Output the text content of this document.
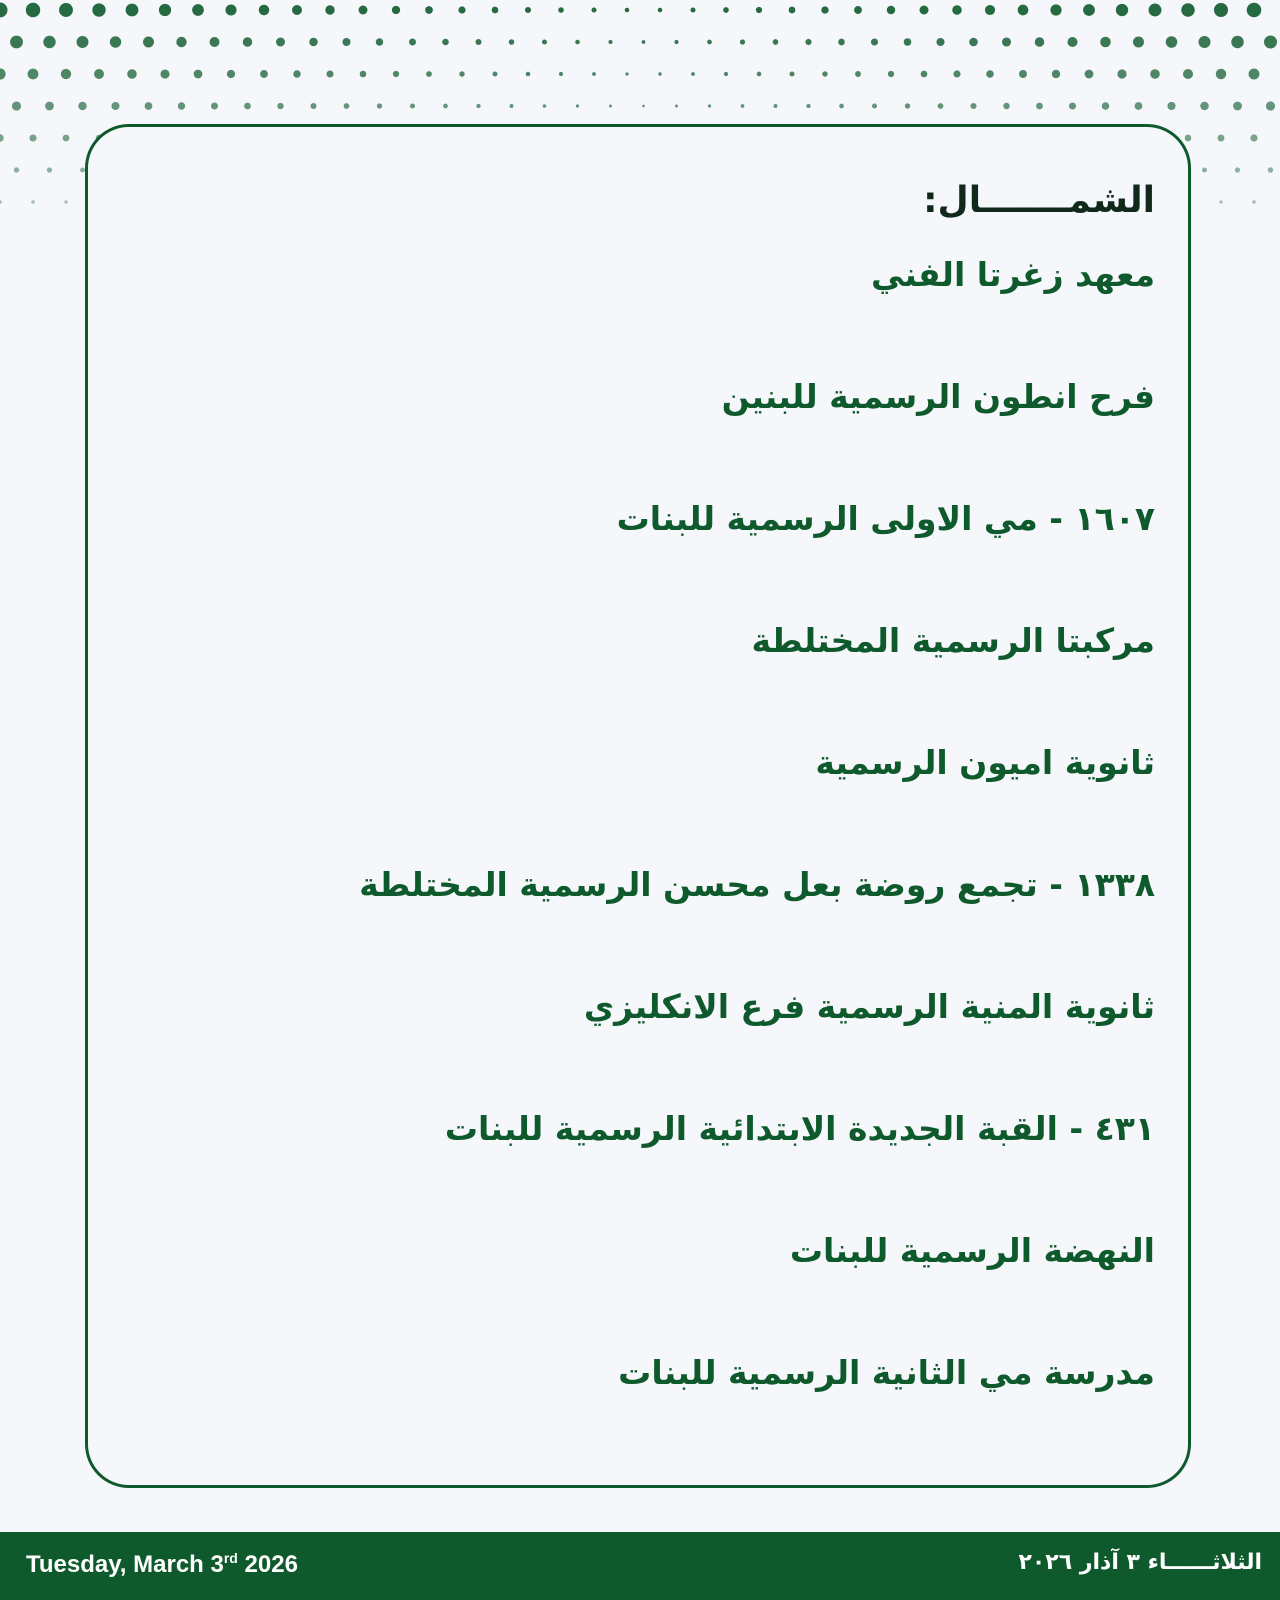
الشمـــــــال:
معهد زغرتا الفني
فرح انطون الرسمية للبنين
١٦٠٧ - مي الاولى الرسمية للبنات
مركبتا الرسمية المختلطة
ثانوية اميون الرسمية
١٣٣٨ - تجمع روضة بعل محسن الرسمية المختلطة
ثانوية المنية الرسمية فرع الانكليزي
٤٣١ - القبة الجديدة الابتدائية الرسمية للبنات
النهضة الرسمية للبنات
مدرسة مي الثانية الرسمية للبنات
Tuesday, March 3rd 2026	الثلاثــــــاء ٣ آذار ٢٠٢٦
